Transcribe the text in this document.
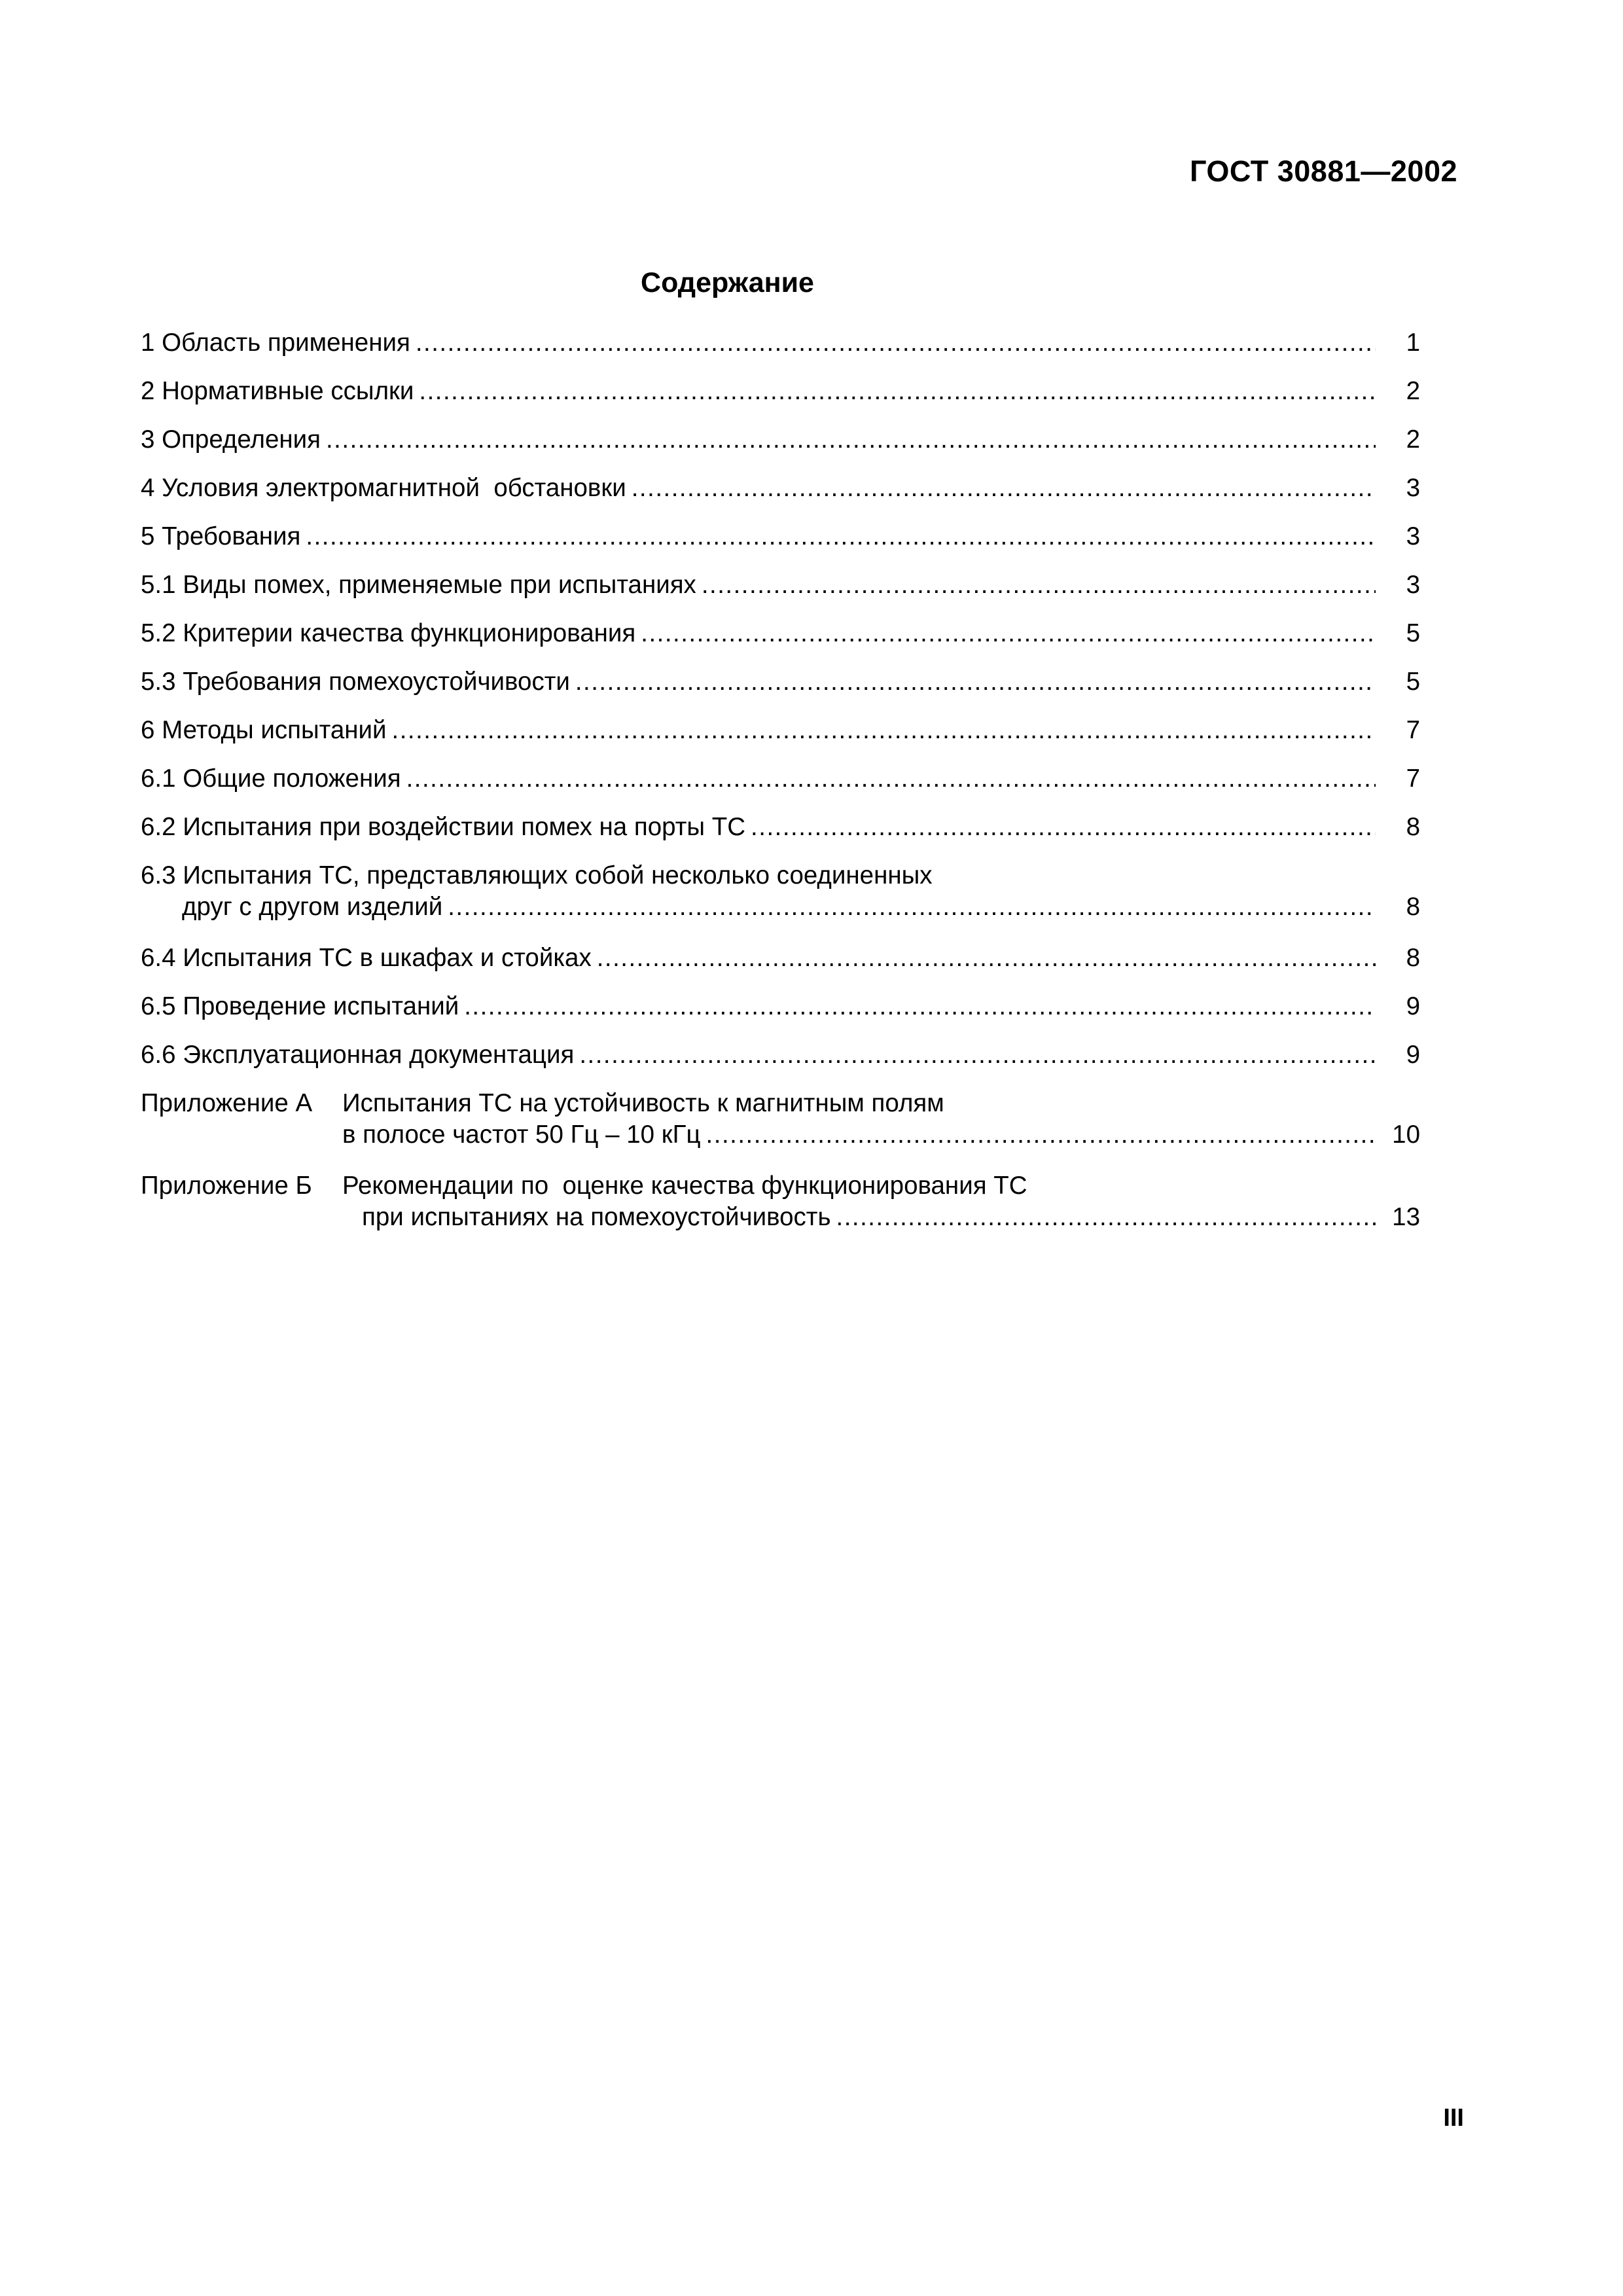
ГОСТ 30881—2002
Содержание
1 Область применения .....	1
2 Нормативные ссылки .....	2
3 Определения .....	2
4 Условия электромагнитной  обстановки .....	3
5 Требования .....	3
5.1 Виды помех, применяемые при испытаниях .....	3
5.2 Критерии качества функционирования .....	5
5.3 Требования помехоустойчивости .....	5
6 Методы испытаний .....	7
6.1 Общие положения .....	7
6.2 Испытания при воздействии помех на порты ТС .....	8
6.3 Испытания ТС, представляющих собой несколько соединенных
друг с другом изделий .....	8
6.4 Испытания ТС в шкафах и стойках .....	8
6.5 Проведение испытаний .....	9
6.6 Эксплуатационная документация .....	9
Приложение А Испытания ТС на устойчивость к магнитным полям
в полосе частот 50 Гц – 10 кГц .....	10
Приложение Б Рекомендации по  оценке качества функционирования ТС
при испытаниях на помехоустойчивость .....	13
III
